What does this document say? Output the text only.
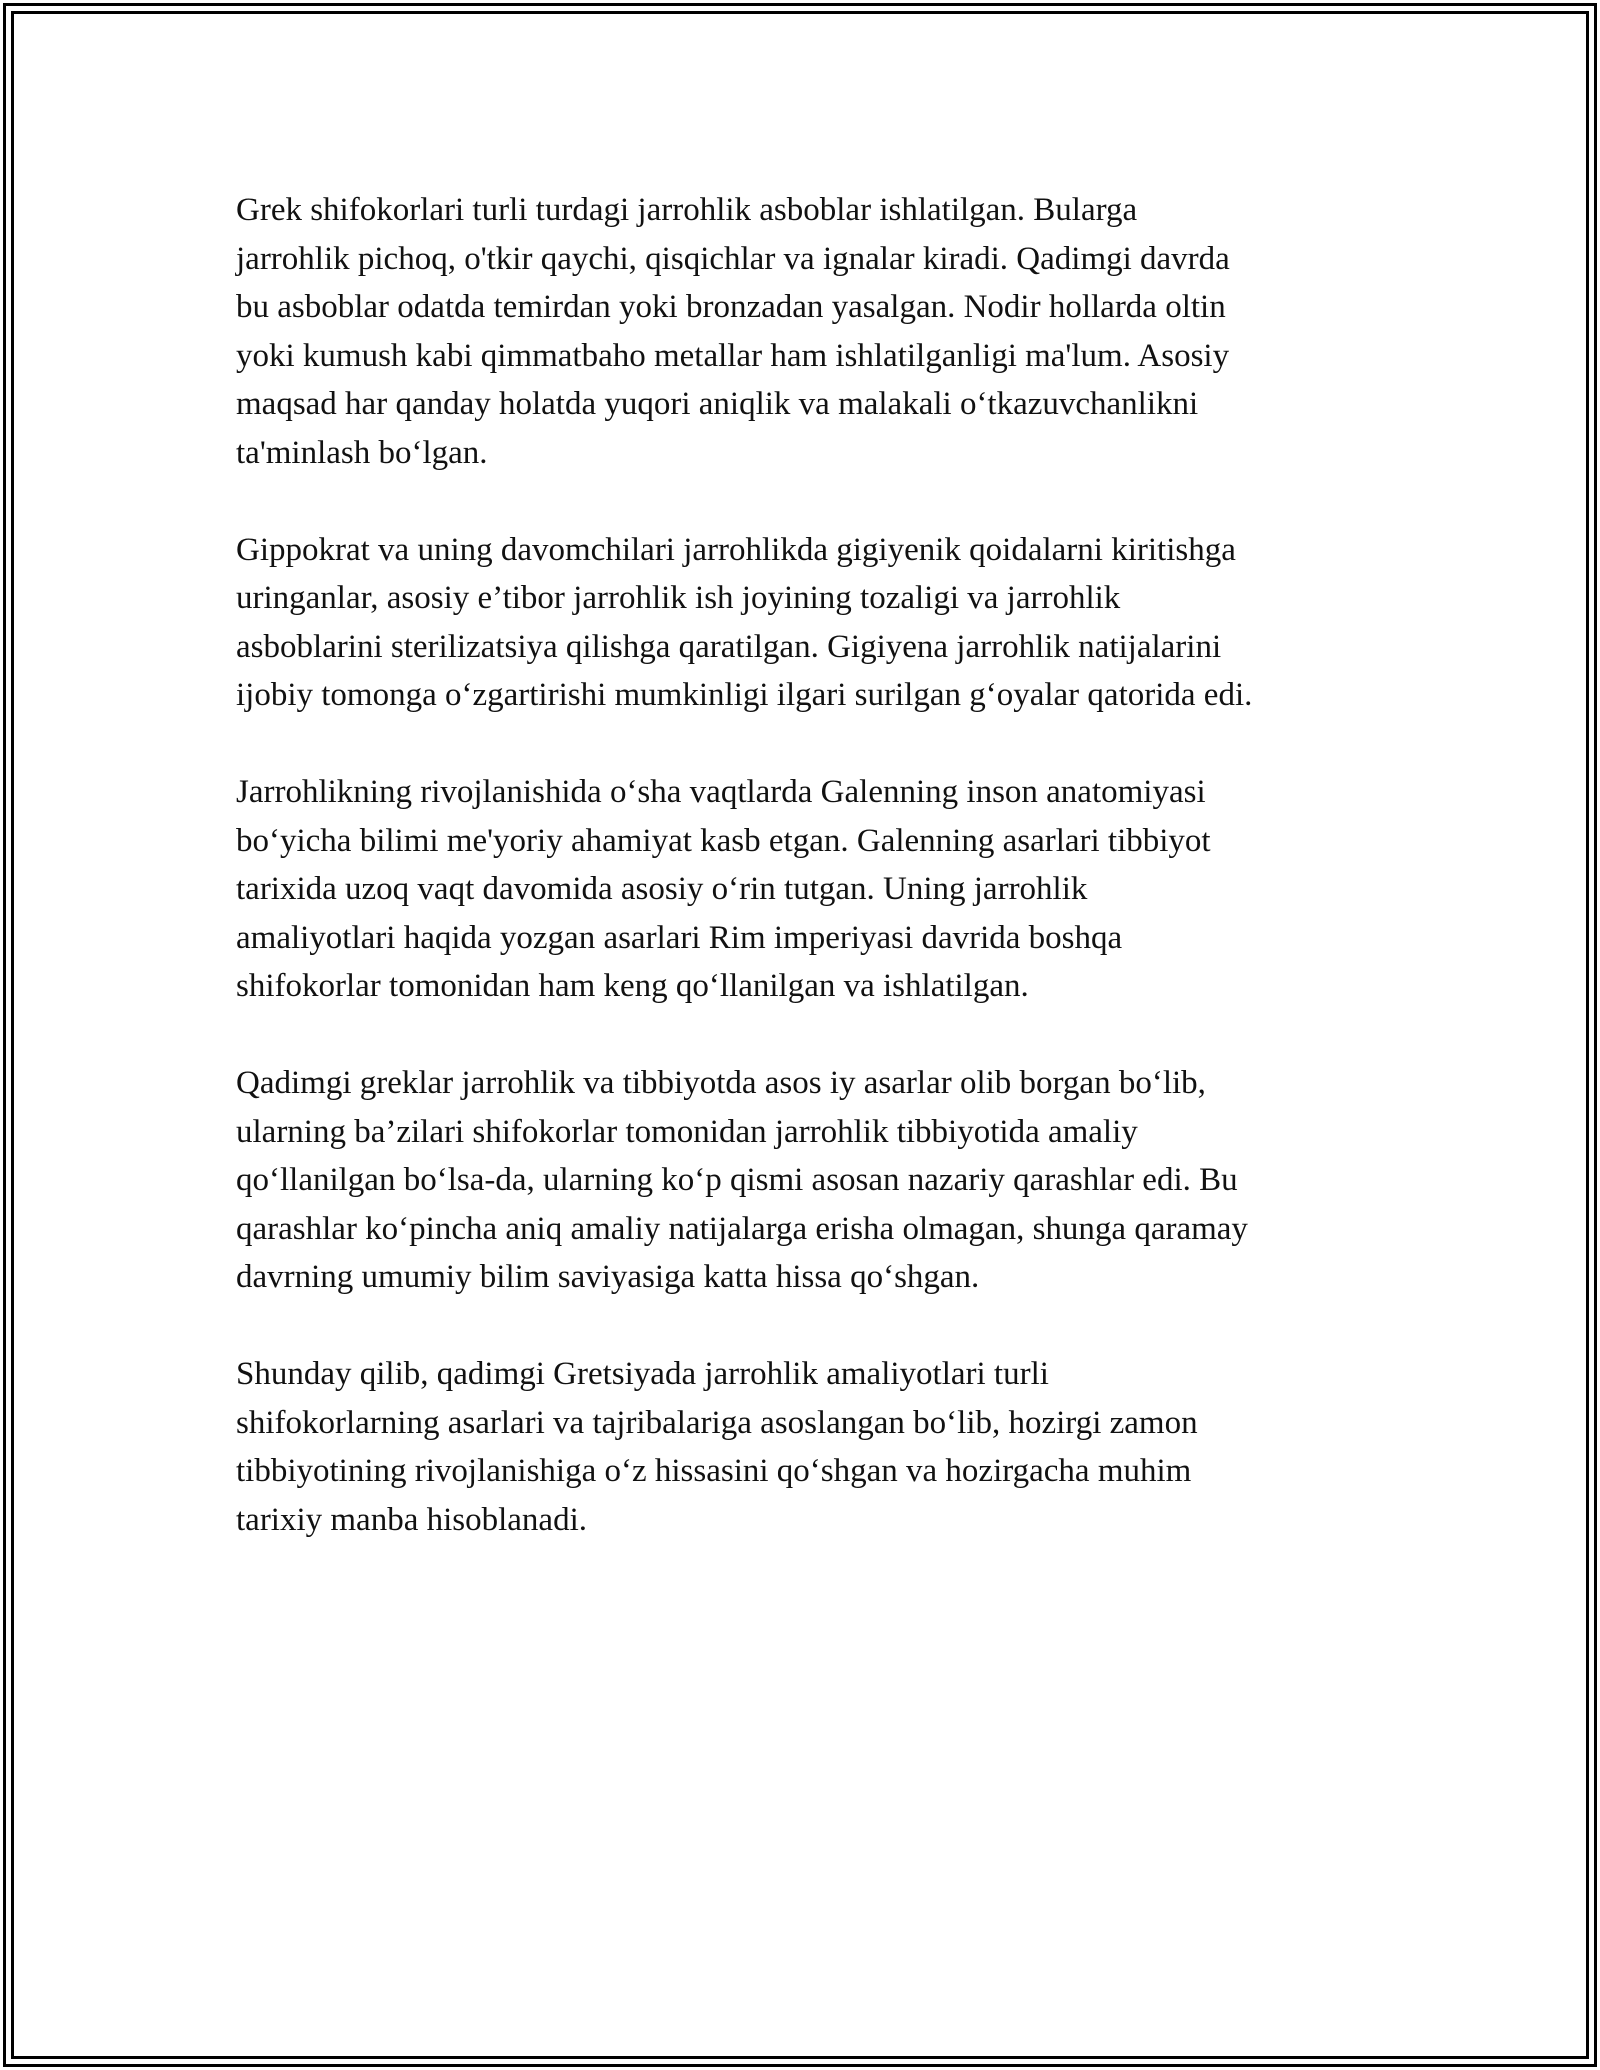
Grek shifokorlari turli turdagi jarrohlik asboblar ishlatilgan. Bularga
jarrohlik pichoq, o'tkir qaychi, qisqichlar va ignalar kiradi. Qadimgi davrda
bu asboblar odatda temirdan yoki bronzadan yasalgan. Nodir hollarda oltin
yoki kumush kabi qimmatbaho metallar ham ishlatilganligi ma'lum. Asosiy
maqsad har qanday holatda yuqori aniqlik va malakali o‘tkazuvchanlikni
ta'minlash bo‘lgan.

Gippokrat va uning davomchilari jarrohlikda gigiyenik qoidalarni kiritishga
uringanlar, asosiy e’tibor jarrohlik ish joyining tozaligi va jarrohlik
asboblarini sterilizatsiya qilishga qaratilgan. Gigiyena jarrohlik natijalarini
ijobiy tomonga o‘zgartirishi mumkinligi ilgari surilgan g‘oyalar qatorida edi.

Jarrohlikning rivojlanishida o‘sha vaqtlarda Galenning inson anatomiyasi
bo‘yicha bilimi me'yoriy ahamiyat kasb etgan. Galenning asarlari tibbiyot
tarixida uzoq vaqt davomida asosiy o‘rin tutgan. Uning jarrohlik
amaliyotlari haqida yozgan asarlari Rim imperiyasi davrida boshqa
shifokorlar tomonidan ham keng qo‘llanilgan va ishlatilgan.

Qadimgi greklar jarrohlik va tibbiyotda asos iy asarlar olib borgan bo‘lib,
ularning ba’zilari shifokorlar tomonidan jarrohlik tibbiyotida amaliy
qo‘llanilgan bo‘lsa-da, ularning ko‘p qismi asosan nazariy qarashlar edi. Bu
qarashlar ko‘pincha aniq amaliy natijalarga erisha olmagan, shunga qaramay
davrning umumiy bilim saviyasiga katta hissa qo‘shgan.

Shunday qilib, qadimgi Gretsiyada jarrohlik amaliyotlari turli
shifokorlarning asarlari va tajribalariga asoslangan bo‘lib, hozirgi zamon
tibbiyotining rivojlanishiga o‘z hissasini qo‘shgan va hozirgacha muhim
tarixiy manba hisoblanadi.
